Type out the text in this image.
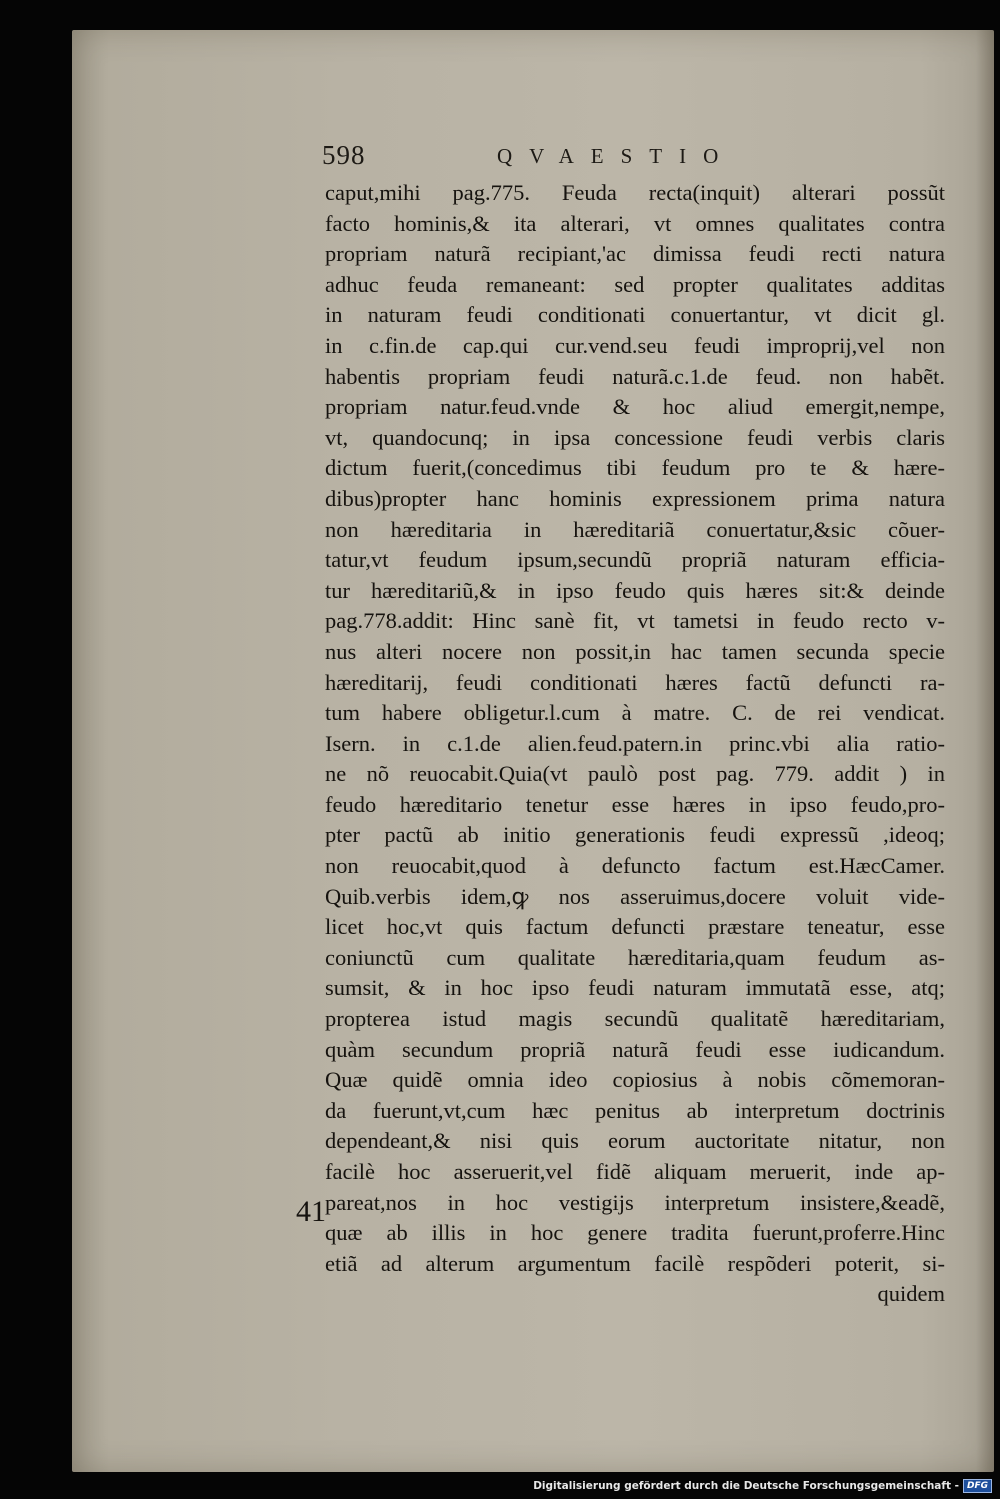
598	QVAESTIO
caput,mihi pag.775. Feuda recta(inquit) alterari possũt
facto hominis,& ita alterari, vt omnes qualitates contra
propriam naturã recipiant,'ac dimissa feudi recti natura
adhuc feuda remaneant: sed propter qualitates additas
in naturam feudi conditionati conuertantur, vt dicit gl.
in c.fin.de cap.qui cur.vend.seu feudi improprij,vel non
habentis propriam feudi naturã.c.1.de feud. non habẽt.
propriam natur.feud.vnde & hoc aliud emergit,nempe,
vt, quandocunq; in ipsa concessione feudi verbis claris
dictum fuerit,(concedimus tibi feudum pro te & hære-
dibus)propter hanc hominis expressionem prima natura
non hæreditaria in hæreditariã conuertatur,&sic cõuer-
tatur,vt feudum ipsum,secundũ propriã naturam efficia-
tur hæreditariũ,& in ipso feudo quis hæres sit:& deinde
pag.778.addit: Hinc sanè fit, vt tametsi in feudo recto v-
nus alteri nocere non possit,in hac tamen secunda specie
hæreditarij, feudi conditionati hæres factũ defuncti ra-
tum habere obligetur.l.cum à matre. C. de rei vendicat.
Isern. in c.1.de alien.feud.patern.in princ.vbi alia ratio-
ne nõ reuocabit.Quia(vt paulò post pag. 779. addit ) in
feudo hæreditario tenetur esse hæres in ipso feudo,pro-
pter pactũ ab initio generationis feudi expressũ ,ideoq;
non reuocabit,quod à defuncto factum est.HæcCamer.
Quib.verbis idem,ꝙ nos asseruimus,docere voluit vide-
licet hoc,vt quis factum defuncti præstare teneatur, esse
coniunctũ cum qualitate hæreditaria,quam feudum as-
sumsit, & in hoc ipso feudi naturam immutatã esse, atq;
propterea istud magis secundũ qualitatẽ hæreditariam,
quàm secundum propriã naturã feudi esse iudicandum.
Quæ quidẽ omnia ideo copiosius à nobis cõmemoran-
da fuerunt,vt,cum hæc penitus ab interpretum doctrinis
dependeant,& nisi quis eorum auctoritate nitatur, non
facilè hoc asseruerit,vel fidẽ aliquam meruerit, inde ap-
pareat,nos in hoc vestigijs interpretum insistere,&eadẽ,
quæ ab illis in hoc genere tradita fuerunt,proferre.Hinc
etiã ad alterum argumentum facilè respõderi poterit, si-
quidem
41
Digitalisierung gefördert durch die Deutsche Forschungsgemeinschaft - DFG
